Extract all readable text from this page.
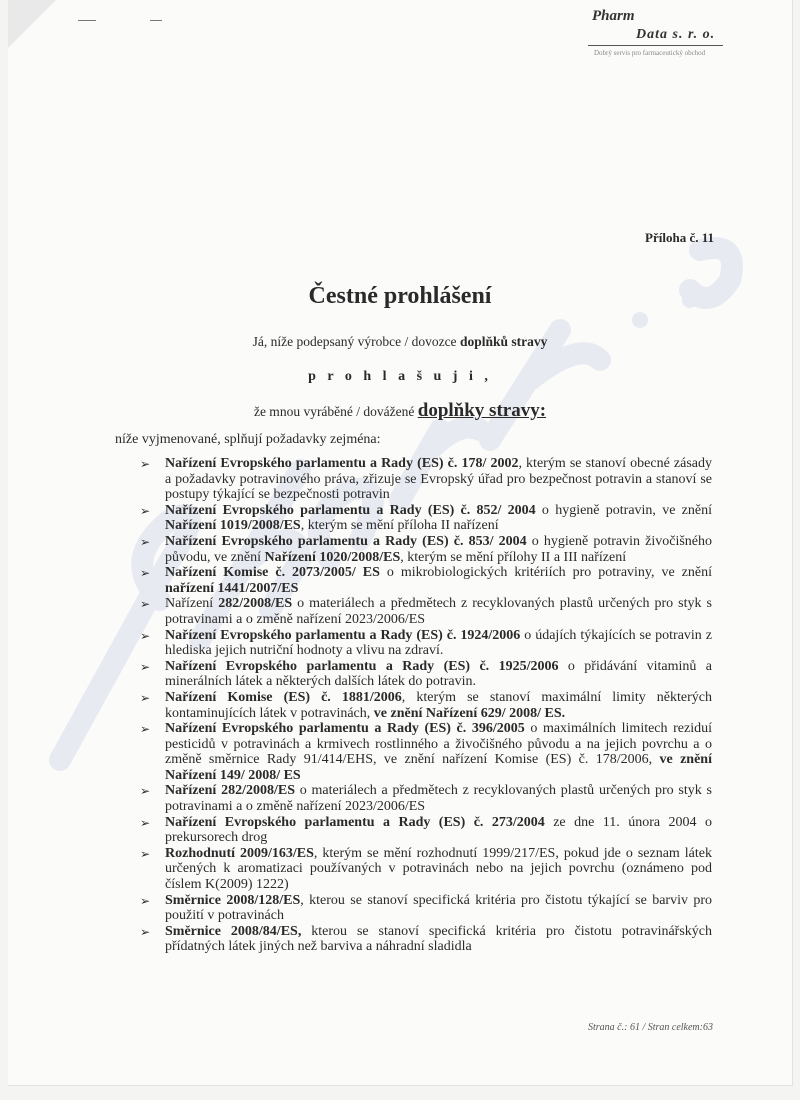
Pharm
Data s. r. o.
Dobrý servis pro farmaceutický obchod
Příloha č. 11
Čestné prohlášení
Já, níže podepsaný výrobce / dovozce doplňků stravy
p r o h l a š u j i ,
že mnou vyráběné / dovážené doplňky stravy:
níže vyjmenované, splňují požadavky zejména:
➢ Nařízení Evropského parlamentu a Rady (ES) č. 178/ 2002, kterým se stanoví obecné zásady a požadavky potravinového práva, zřizuje se Evropský úřad pro bezpečnost potravin a stanoví se postupy týkající se bezpečnosti potravin
➢ Nařízení Evropského parlamentu a Rady (ES) č. 852/ 2004 o hygieně potravin, ve znění Nařízení 1019/2008/ES, kterým se mění příloha II nařízení
➢ Nařízení Evropského parlamentu a Rady (ES) č. 853/ 2004 o hygieně potravin živočišného původu, ve znění Nařízení 1020/2008/ES, kterým se mění přílohy II a III nařízení
➢ Nařízení Komise č. 2073/2005/ ES o mikrobiologických kritériích pro potraviny, ve znění nařízení 1441/2007/ES
➢ Nařízení 282/2008/ES o materiálech a předmětech z recyklovaných plastů určených pro styk s potravinami a o změně nařízení 2023/2006/ES
➢ Nařízení Evropského parlamentu a Rady (ES) č. 1924/2006 o údajích týkajících se potravin z hlediska jejich nutriční hodnoty a vlivu na zdraví.
➢ Nařízení Evropského parlamentu a Rady (ES) č. 1925/2006 o přidávání vitaminů a minerálních látek a některých dalších látek do potravin.
➢ Nařízení Komise (ES) č. 1881/2006, kterým se stanoví maximální limity některých kontaminujících látek v potravinách, ve znění Nařízení 629/ 2008/ ES.
➢ Nařízení Evropského parlamentu a Rady (ES) č. 396/2005 o maximálních limitech reziduí pesticidů v potravinách a krmivech rostlinného a živočišného původu a na jejich povrchu a o změně směrnice Rady 91/414/EHS, ve znění nařízení Komise (ES) č. 178/2006, ve znění Nařízení 149/ 2008/ ES
➢ Nařízení 282/2008/ES o materiálech a předmětech z recyklovaných plastů určených pro styk s potravinami a o změně nařízení 2023/2006/ES
➢ Nařízení Evropského parlamentu a Rady (ES) č. 273/2004 ze dne 11. února 2004 o prekursorech drog
➢ Rozhodnutí 2009/163/ES, kterým se mění rozhodnutí 1999/217/ES, pokud jde o seznam látek určených k aromatizaci používaných v potravinách nebo na jejich povrchu (oznámeno pod číslem K(2009) 1222)
➢ Směrnice 2008/128/ES, kterou se stanoví specifická kritéria pro čistotu týkající se barviv pro použití v potravinách
➢ Směrnice 2008/84/ES, kterou se stanoví specifická kritéria pro čistotu potravinářských přídatných látek jiných než barviva a náhradní sladidla
Strana č.: 61 / Stran celkem:63
